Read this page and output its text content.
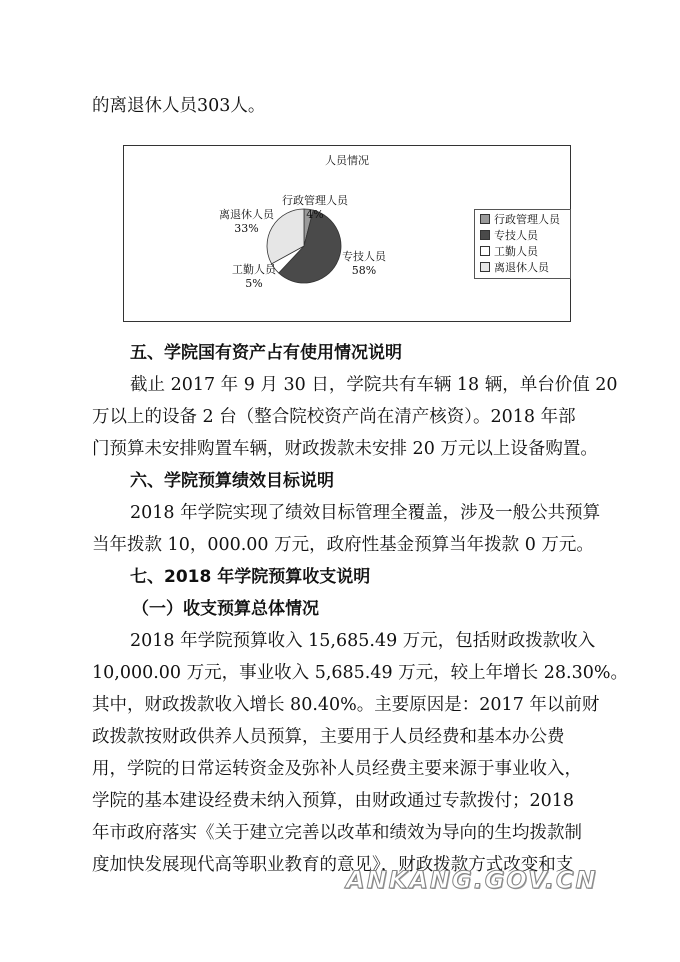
的离退休人员303人。
人员情况
行政管理人员
4%
离退休人员
33%
专技人员
58%
工勤人员
5%
行政管理人员
专技人员
工勤人员
离退休人员
五、学院国有资产占有使用情况说明
截止 2017 年 9 月 30 日，学院共有车辆 18 辆，单台价值 20
万以上的设备 2 台（整合院校资产尚在清产核资）。2018 年部
门预算未安排购置车辆，财政拨款未安排 20 万元以上设备购置。
六、学院预算绩效目标说明
2018 年学院实现了绩效目标管理全覆盖，涉及一般公共预算
当年拨款 10，000.00 万元，政府性基金预算当年拨款 0 万元。
七、2018 年学院预算收支说明
（一）收支预算总体情况
2018 年学院预算收入 15,685.49 万元，包括财政拨款收入
10,000.00 万元，事业收入 5,685.49 万元，较上年增长 28.30%。
其中，财政拨款收入增长 80.40%。主要原因是：2017 年以前财
政拨款按财政供养人员预算，主要用于人员经费和基本办公费
用，学院的日常运转资金及弥补人员经费主要来源于事业收入，
学院的基本建设经费未纳入预算，由财政通过专款拨付；2018
年市政府落实《关于建立完善以改革和绩效为导向的生均拨款制
度加快发展现代高等职业教育的意见》，财政拨款方式改变和支
ANKANG.GOV.CN
